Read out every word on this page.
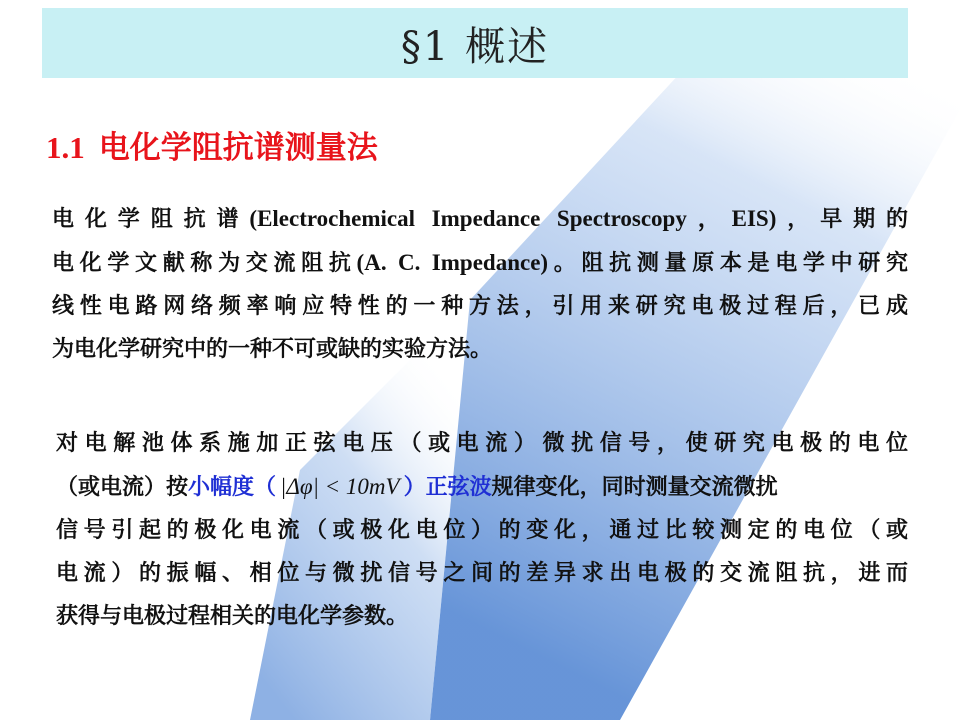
§1 概述
1.1 电化学阻抗谱测量法
电化学阻抗谱(Electrochemical Impedance Spectroscopy，EIS)，早期的
电化学文献称为交流阻抗(A. C. Impedance)。阻抗测量原本是电学中研究
线性电路网络频率响应特性的一种方法，引用来研究电极过程后，已成
为电化学研究中的一种不可或缺的实验方法。
对电解池体系施加正弦电压（或电流）微扰信号，使研究电极的电位
（或电流）按小幅度（ |Δφ| < 10mV ）正弦波规律变化，同时测量交流微扰
信号引起的极化电流（或极化电位）的变化，通过比较测定的电位（或
电流）的振幅、相位与微扰信号之间的差异求出电极的交流阻抗，进而
获得与电极过程相关的电化学参数。
